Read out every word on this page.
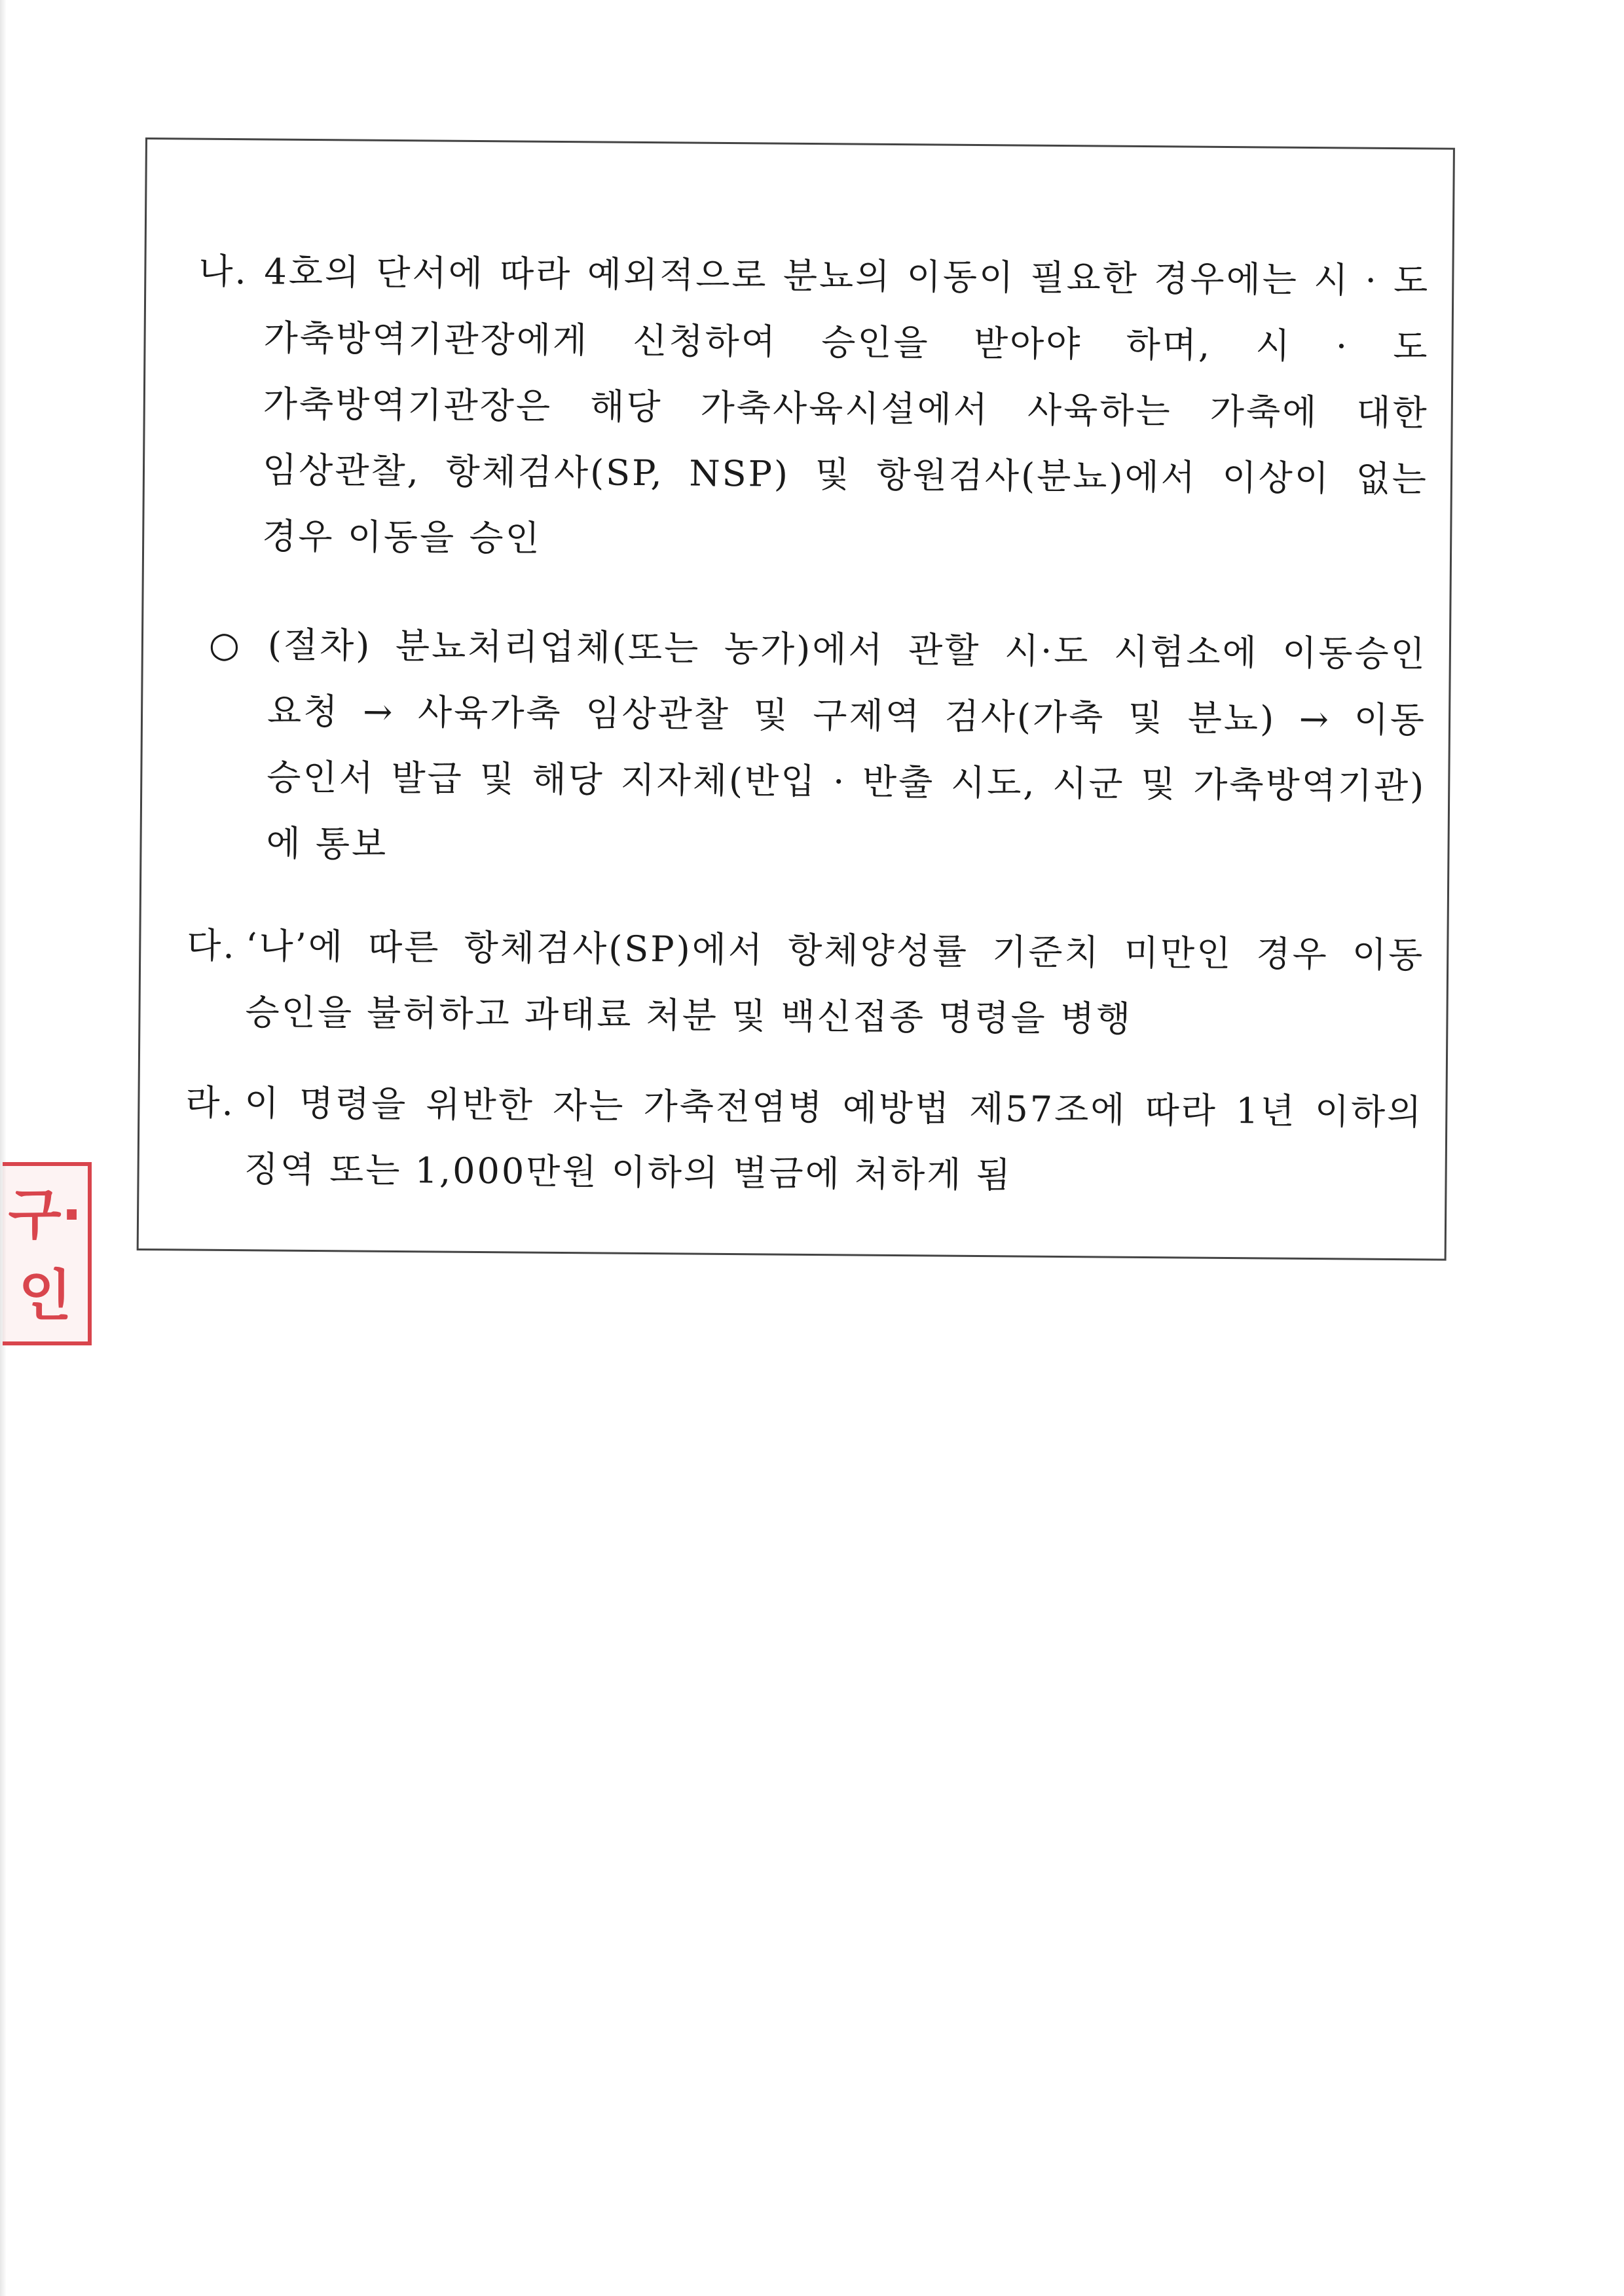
나. 4호의 단서에 따라 예외적으로 분뇨의 이동이 필요한 경우에는 시 · 도 가축방역기관장에게 신청하여 승인을 받아야 하며, 시 · 도 가축방역기관장은 해당 가축사육시설에서 사육하는 가축에 대한 임상관찰, 항체검사(SP, NSP) 및 항원검사(분뇨)에서 이상이 없는 경우 이동을 승인
○ (절차) 분뇨처리업체(또는 농가)에서 관할 시·도 시험소에 이동승인 요청 → 사육가축 임상관찰 및 구제역 검사(가축 및 분뇨) → 이동 승인서 발급 및 해당 지자체(반입 · 반출 시도, 시군 및 가축방역기관)에 통보
다. ‘나’에 따른 항체검사(SP)에서 항체양성률 기준치 미만인 경우 이동 승인을 불허하고 과태료 처분 및 백신접종 명령을 병행
라. 이 명령을 위반한 자는 가축전염병 예방법 제57조에 따라 1년 이하의 징역 또는 1,000만원 이하의 벌금에 처하게 됨
구·인
